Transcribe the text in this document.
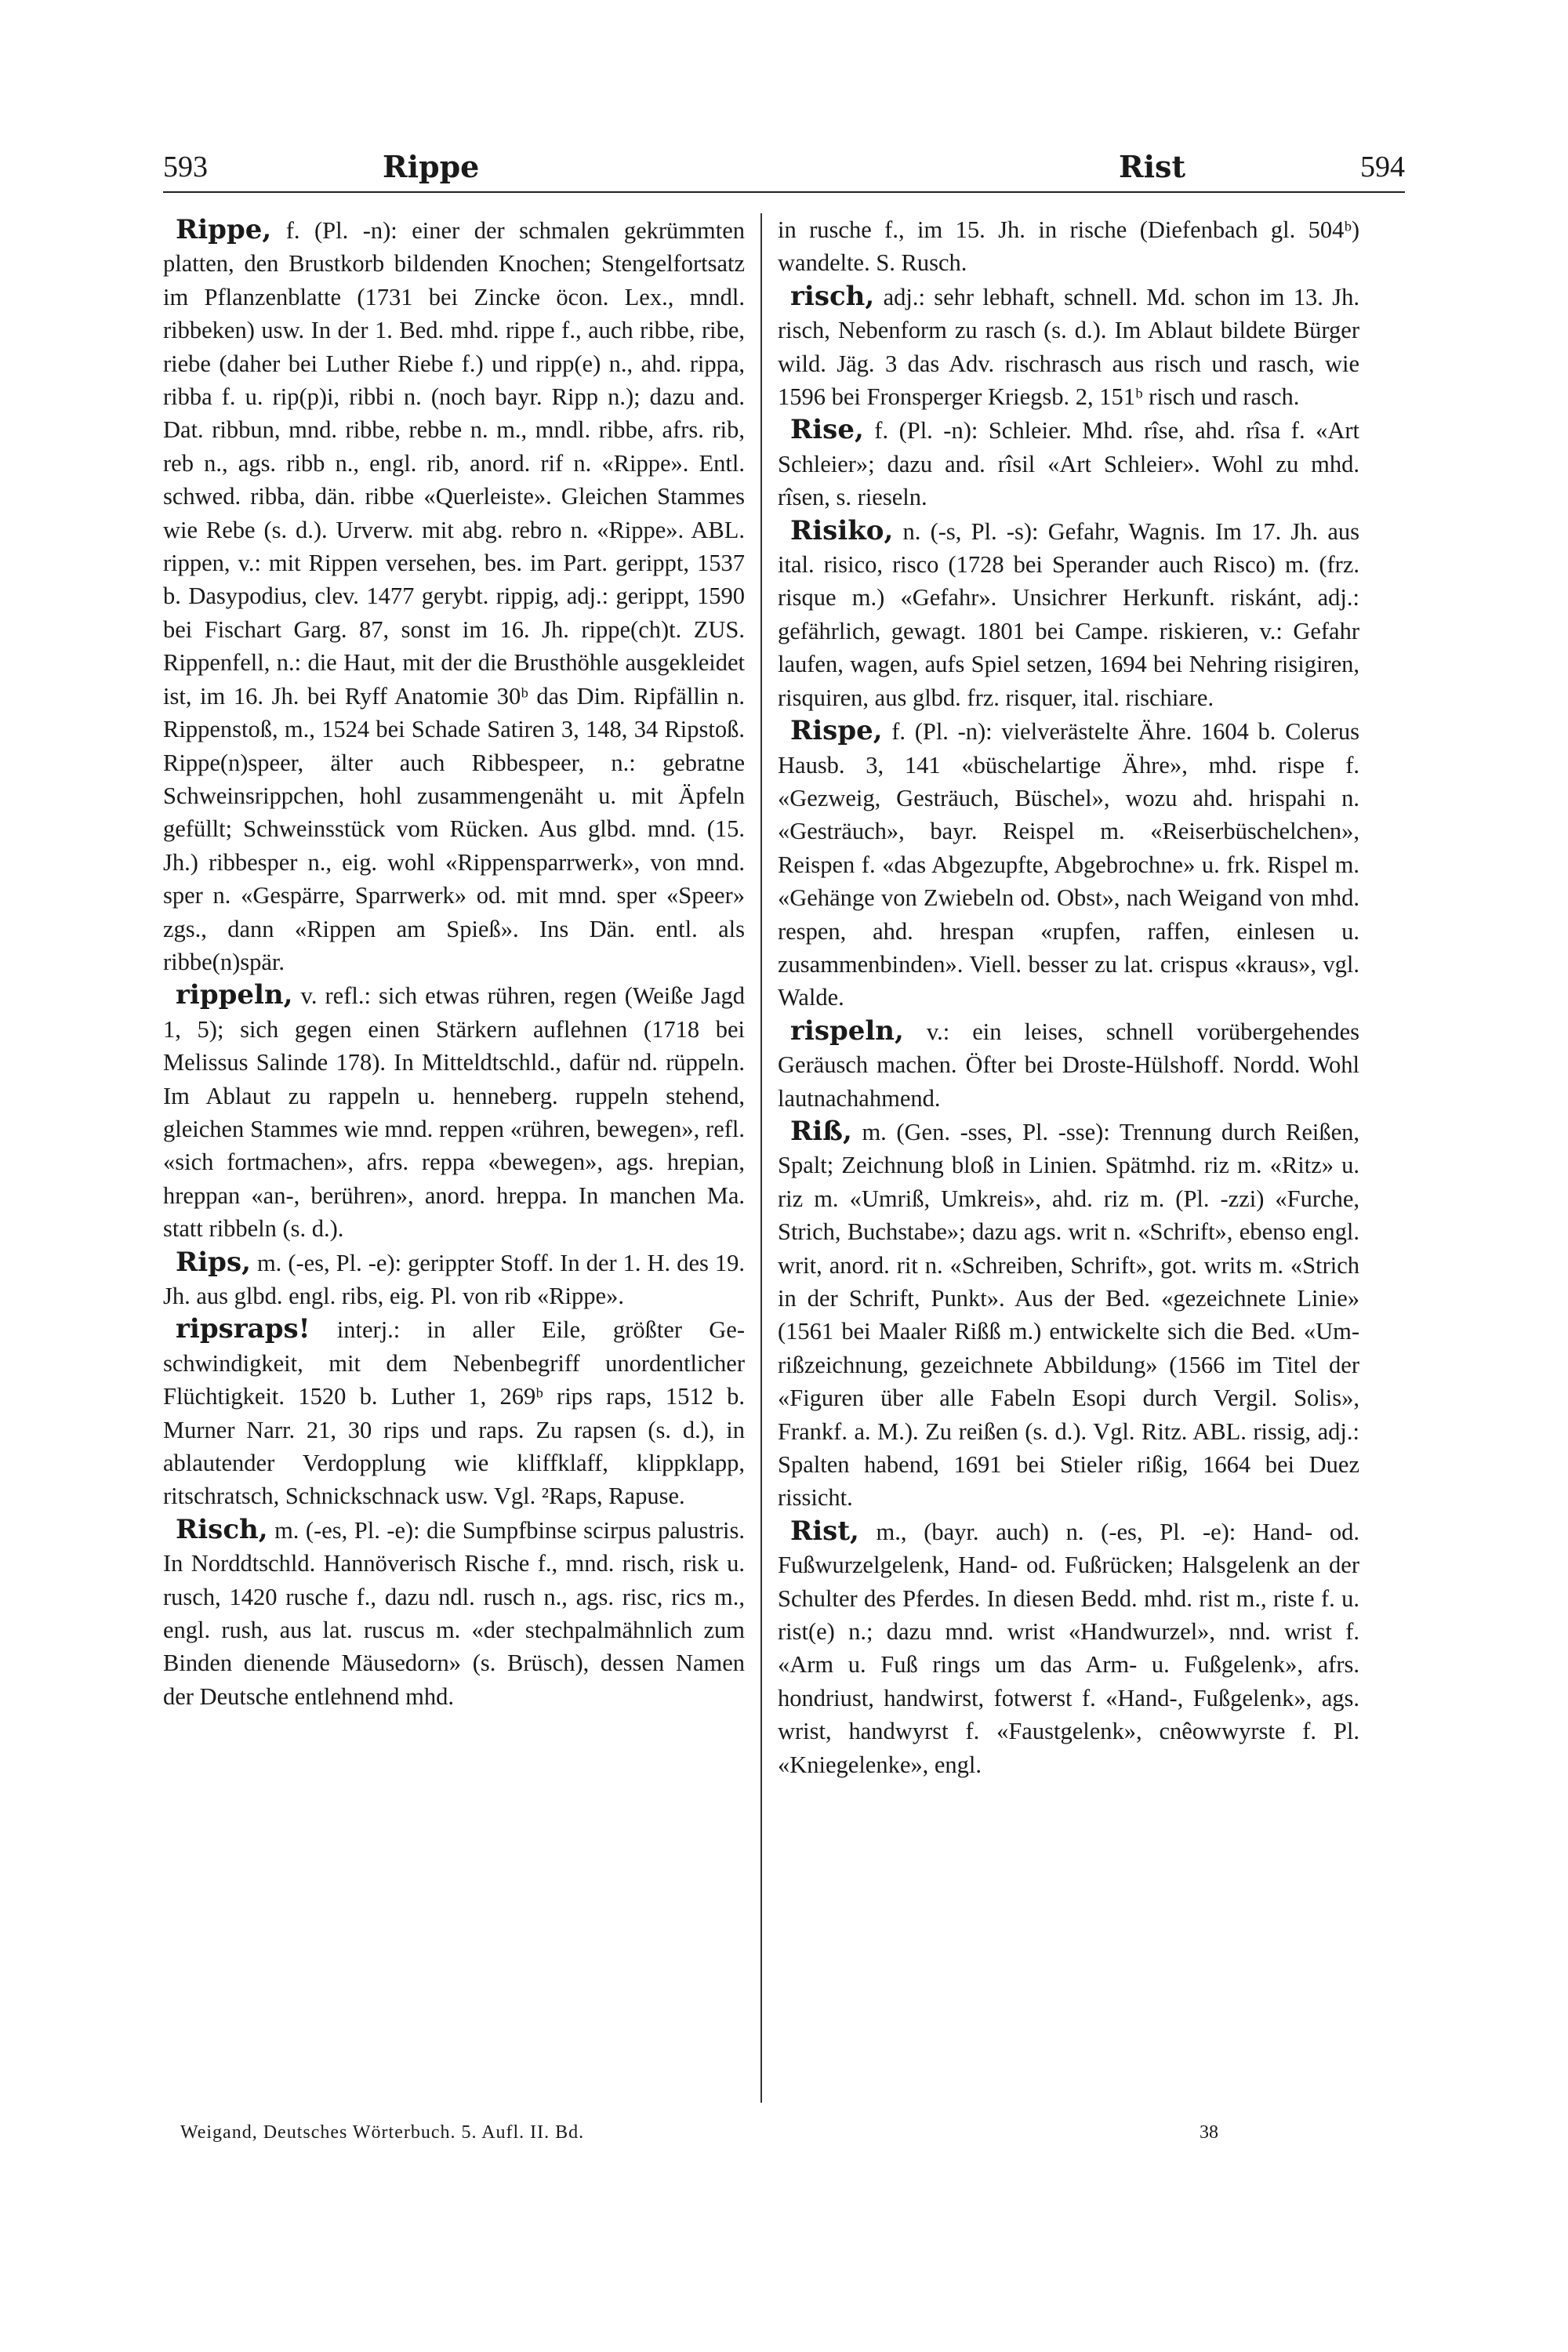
593	Rippe	Rist	594

Rippe, f. (Pl. -n): einer der schmalen gekrümmten platten, den Brustkorb bildenden Knochen; Stengelfortsatz im Pflanzenblatte (1731 bei Zincke öcon. Lex., mndl. ribbeken) usw. In der 1. Bed. mhd. rippe f., auch ribbe, ribe, riebe (daher bei Luther Riebe f.) und ripp(e) n., ahd. rippa, ribba f. u. rip(p)i, ribbi n. (noch bayr. Ripp n.); dazu and. Dat. ribbun, mnd. ribbe, rebbe n. m., mndl. ribbe, afrs. rib, reb n., ags. ribb n., engl. rib, anord. rif n. «Rippe». Entl. schwed. ribba, dän. ribbe «Querleiste». Gleichen Stammes wie Rebe (s. d.). Urverw. mit abg. rebro n. «Rippe». ABL. rippen, v.: mit Rippen versehen, bes. im Part. gerippt, 1537 b. Dasypodius, clev. 1477 gerybt. rippig, adj.: gerippt, 1590 bei Fischart Garg. 87, sonst im 16. Jh. rippe(ch)t. ZUS. Rippenfell, n.: die Haut, mit der die Brusthöhle ausgekleidet ist, im 16. Jh. bei Ryff Anatomie 30ᵇ das Dim. Ripfällin n. Rippenstoß, m., 1524 bei Schade Satiren 3, 148, 34 Ripstoß. Rippe(n)speer, älter auch Ribbespeer, n.: gebratne Schweinsrippchen, hohl zusammengenäht u. mit Äpfeln gefüllt; Schweinsstück vom Rücken. Aus glbd. mnd. (15. Jh.) ribbesper n., eig. wohl «Rippensparrwerk», von mnd. sper n. «Gespärre, Sparrwerk» od. mit mnd. sper «Speer» zgs., dann «Rippen am Spieß». Ins Dän. entl. als ribbe(n)spär.

rippeln, v. refl.: sich etwas rühren, regen (Weiße Jagd 1, 5); sich gegen einen Stärkern auflehnen (1718 bei Melissus Salinde 178). In Mitteldtschld., dafür nd. rüppeln. Im Ablaut zu rappeln u. henneberg. ruppeln stehend, gleichen Stammes wie mnd. reppen «rühren, bewegen», refl. «sich fortmachen», afrs. reppa «bewegen», ags. hrepian, hreppan «an-, berühren», anord. hreppa. In manchen Ma. statt ribbeln (s. d.).

Rips, m. (-es, Pl. -e): gerippter Stoff. In der 1. H. des 19. Jh. aus glbd. engl. ribs, eig. Pl. von rib «Rippe».

ripsraps! interj.: in aller Eile, größter Geschwindigkeit, mit dem Nebenbegriff unordentlicher Flüchtigkeit. 1520 b. Luther 1, 269ᵇ rips raps, 1512 b. Murner Narr. 21, 30 rips und raps. Zu rapsen (s. d.), in ablautender Verdopplung wie kliffklaff, klippklapp, ritschratsch, Schnickschnack usw. Vgl. ²Raps, Rapuse.

Risch, m. (-es, Pl. -e): die Sumpfbinse scirpus palustris. In Norddtschld. Hannöverisch Rische f., mnd. risch, risk u. rusch, 1420 rusche f., dazu ndl. rusch n., ags. risc, rics m., engl. rush, aus lat. ruscus m. «der stechpalmähnlich zum Binden dienende Mäusedorn» (s. Brüsch), dessen Namen der Deutsche entlehnend mhd.

in rusche f., im 15. Jh. in rische (Diefenbach gl. 504ᵇ) wandelte. S. Rusch.

risch, adj.: sehr lebhaft, schnell. Md. schon im 13. Jh. risch, Nebenform zu rasch (s. d.). Im Ablaut bildete Bürger wild. Jäg. 3 das Adv. rischrasch aus risch und rasch, wie 1596 bei Fronsperger Kriegsb. 2, 151ᵇ risch und rasch.

Rise, f. (Pl. -n): Schleier. Mhd. rîse, ahd. rîsa f. «Art Schleier»; dazu and. rîsil «Art Schleier». Wohl zu mhd. rîsen, s. rieseln.

Risiko, n. (-s, Pl. -s): Gefahr, Wagnis. Im 17. Jh. aus ital. risico, risco (1728 bei Sperander auch Risco) m. (frz. risque m.) «Gefahr». Unsichrer Herkunft. riskánt, adj.: gefährlich, gewagt. 1801 bei Campe. riskieren, v.: Gefahr laufen, wagen, aufs Spiel setzen, 1694 bei Nehring risigiren, risquiren, aus glbd. frz. risquer, ital. rischiare.

Rispe, f. (Pl. -n): vielverästelte Ähre. 1604 b. Colerus Hausb. 3, 141 «büschelartige Ähre», mhd. rispe f. «Gezweig, Gesträuch, Büschel», wozu ahd. hrispahi n. «Gesträuch», bayr. Reispel m. «Reiserbüschelchen», Reispen f. «das Abgezupfte, Abgebrochne» u. frk. Rispel m. «Gehänge von Zwiebeln od. Obst», nach Weigand von mhd. respen, ahd. hrespan «rupfen, raffen, einlesen u. zusammenbinden». Viell. besser zu lat. crispus «kraus», vgl. Walde.

rispeln, v.: ein leises, schnell vorübergehendes Geräusch machen. Öfter bei Droste-Hülshoff. Nordd. Wohl lautnachahmend.

Riß, m. (Gen. -sses, Pl. -sse): Trennung durch Reißen, Spalt; Zeichnung bloß in Linien. Spätmhd. riz m. «Ritz» u. riz m. «Umriß, Umkreis», ahd. riz m. (Pl. -zzi) «Furche, Strich, Buchstabe»; dazu ags. writ n. «Schrift», ebenso engl. writ, anord. rit n. «Schreiben, Schrift», got. writs m. «Strich in der Schrift, Punkt». Aus der Bed. «gezeichnete Linie» (1561 bei Maaler Rißß m.) entwickelte sich die Bed. «Umrißzeichnung, gezeichnete Abbildung» (1566 im Titel der «Figuren über alle Fabeln Esopi durch Vergil. Solis», Frankf. a. M.). Zu reißen (s. d.). Vgl. Ritz. ABL. rissig, adj.: Spalten habend, 1691 bei Stieler rißig, 1664 bei Duez rissicht.

Rist, m., (bayr. auch) n. (-es, Pl. -e): Hand- od. Fußwurzelgelenk, Hand- od. Fußrücken; Halsgelenk an der Schulter des Pferdes. In diesen Bedd. mhd. rist m., riste f. u. rist(e) n.; dazu mnd. wrist «Handwurzel», nnd. wrist f. «Arm u. Fuß rings um das Arm- u. Fußgelenk», afrs. hondriust, handwirst, fotwerst f. «Hand-, Fußgelenk», ags. wrist, handwyrst f. «Faustgelenk», cnêowwyrste f. Pl. «Kniegelenke», engl.

Weigand, Deutsches Wörterbuch. 5. Aufl. II. Bd.	38
